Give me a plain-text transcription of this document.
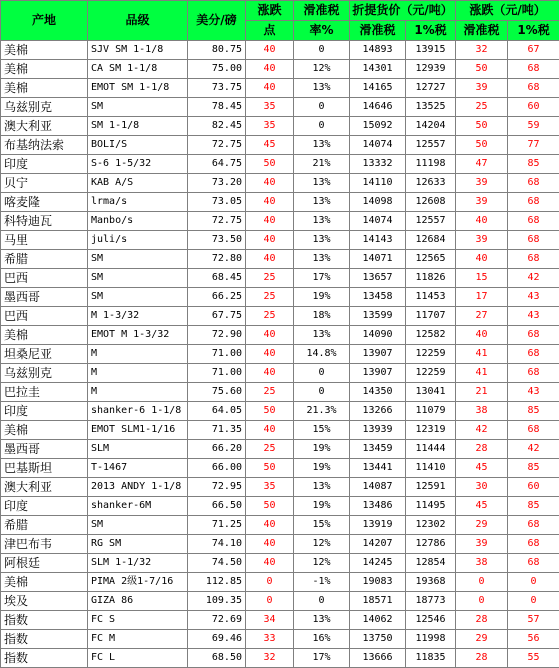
产地	品级	美分/磅	涨跌	滑准税	折提货价（元/吨）		涨跌（元/吨）	
			点	率%	滑准税	1%税	滑准税	1%税
美棉	SJV SM 1-1/8	80.75	40	0	14893	13915	32	67
美棉	CA SM 1-1/8	75.00	40	12%	14301	12939	50	68
美棉	EMOT SM 1-1/8	73.75	40	13%	14165	12727	39	68
乌兹别克	SM	78.45	35	0	14646	13525	25	60
澳大利亚	SM 1-1/8	82.45	35	0	15092	14204	50	59
布基纳法索	BOLI/S	72.75	45	13%	14074	12557	50	77
印度	S-6 1-5/32	64.75	50	21%	13332	11198	47	85
贝宁	KAB A/S	73.20	40	13%	14110	12633	39	68
喀麦隆	lrma/s	73.05	40	13%	14098	12608	39	68
科特迪瓦	Manbo/s	72.75	40	13%	14074	12557	40	68
马里	juli/s	73.50	40	13%	14143	12684	39	68
希腊	SM	72.80	40	13%	14071	12565	40	68
巴西	SM	68.45	25	17%	13657	11826	15	42
墨西哥	SM	66.25	25	19%	13458	11453	17	43
巴西	M 1-3/32	67.75	25	18%	13599	11707	27	43
美棉	EMOT M 1-3/32	72.90	40	13%	14090	12582	40	68
坦桑尼亚	M	71.00	40	14.8%	13907	12259	41	68
乌兹别克	M	71.00	40	0	13907	12259	41	68
巴拉圭	M	75.60	25	0	14350	13041	21	43
印度	shanker-6 1-1/8	64.05	50	21.3%	13266	11079	38	85
美棉	EMOT SLM1-1/16	71.35	40	15%	13939	12319	42	68
墨西哥	SLM	66.20	25	19%	13459	11444	28	42
巴基斯坦	T-1467	66.00	50	19%	13441	11410	45	85
澳大利亚	2013 ANDY 1-1/8	72.95	35	13%	14087	12591	30	60
印度	shanker-6M	66.50	50	19%	13486	11495	45	85
希腊	SM	71.25	40	15%	13919	12302	29	68
津巴布韦	RG SM	74.10	40	12%	14207	12786	39	68
阿根廷	SLM 1-1/32	74.50	40	12%	14245	12854	38	68
美棉	PIMA 2级1-7/16	112.85	0	-1%	19083	19368	0	0
埃及	GIZA 86	109.35	0	0	18571	18773	0	0
指数	FC S	72.69	34	13%	14062	12546	28	57
指数	FC M	69.46	33	16%	13750	11998	29	56
指数	FC L	68.50	32	17%	13666	11835	28	55
